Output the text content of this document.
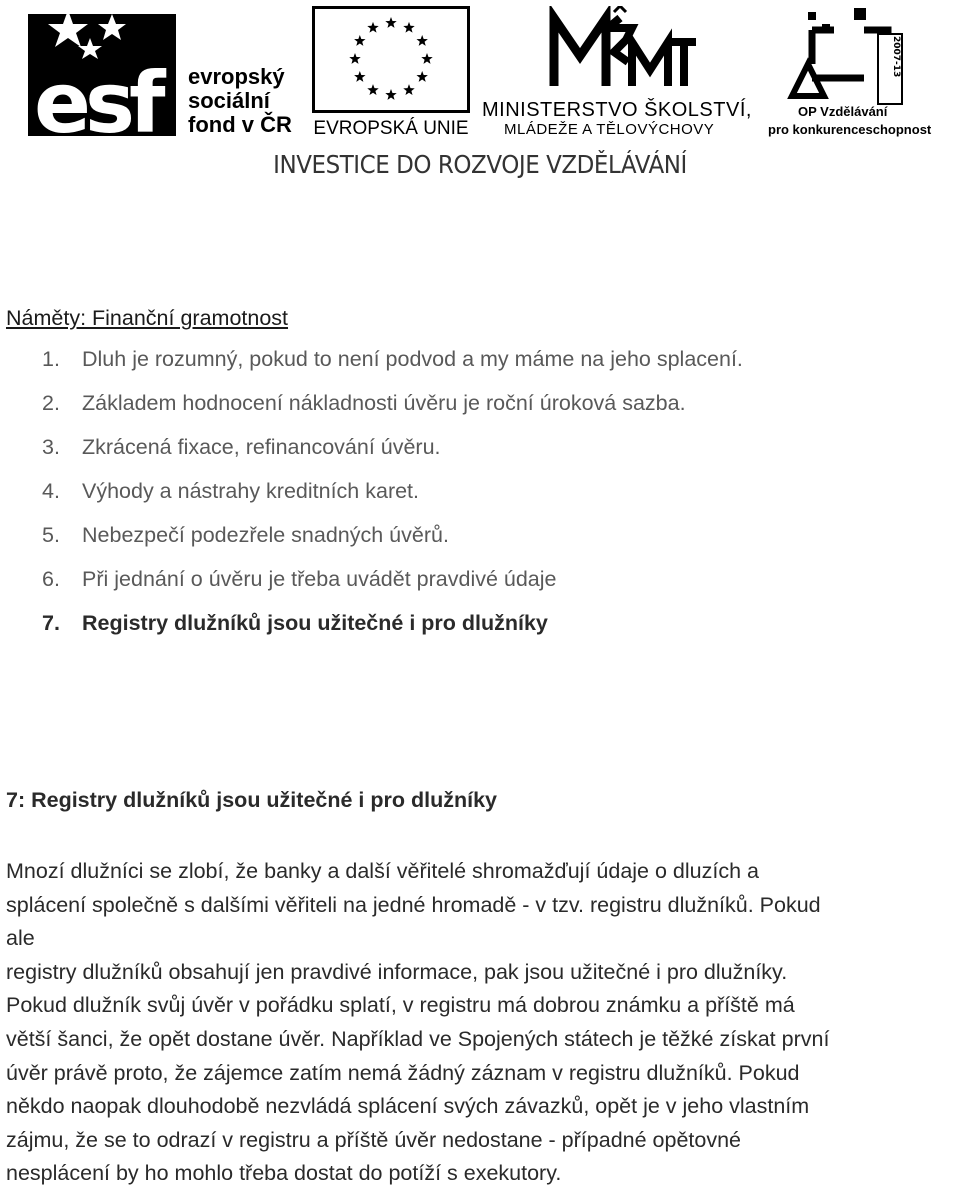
esf	evropský
sociální
fond v ČR EVROPSKÁ UNIE
MINISTERSTVO ŠKOLSTVÍ,
MLÁDEŽE A TĚLOVÝCHOVY
2007-13
OP Vzdělávání
pro konkurenceschopnost
INVESTICE DO ROZVOJE VZDĚLÁVÁNÍ

Náměty: Finanční gramotnost

1.	Dluh je rozumný, pokud to není podvod a my máme na jeho splacení.
2.	Základem hodnocení nákladnosti úvěru je roční úroková sazba.
3.	Zkrácená fixace, refinancování úvěru.
4.	Výhody a nástrahy kreditních karet.
5.	Nebezpečí podezřele snadných úvěrů.
6.	Při jednání o úvěru je třeba uvádět pravdivé údaje
7.	Registry dlužníků jsou užitečné i pro dlužníky
7: Registry dlužníků jsou užitečné i pro dlužníky

Mnozí dlužníci se zlobí, že banky a další věřitelé shromažďují údaje o dluzích a
splácení společně s dalšími věřiteli na jedné hromadě - v tzv. registru dlužníků. Pokud
ale
registry dlužníků obsahují jen pravdivé informace, pak jsou užitečné i pro dlužníky.
Pokud dlužník svůj úvěr v pořádku splatí, v registru má dobrou známku a příště má
větší šanci, že opět dostane úvěr. Například ve Spojených státech je těžké získat první
úvěr právě proto, že zájemce zatím nemá žádný záznam v registru dlužníků. Pokud
někdo naopak dlouhodobě nezvládá splácení svých závazků, opět je v jeho vlastním
zájmu, že se to odrazí v registru a příště úvěr nedostane - případné opětovné
nesplácení by ho mohlo třeba dostat do potíží s exekutory.
